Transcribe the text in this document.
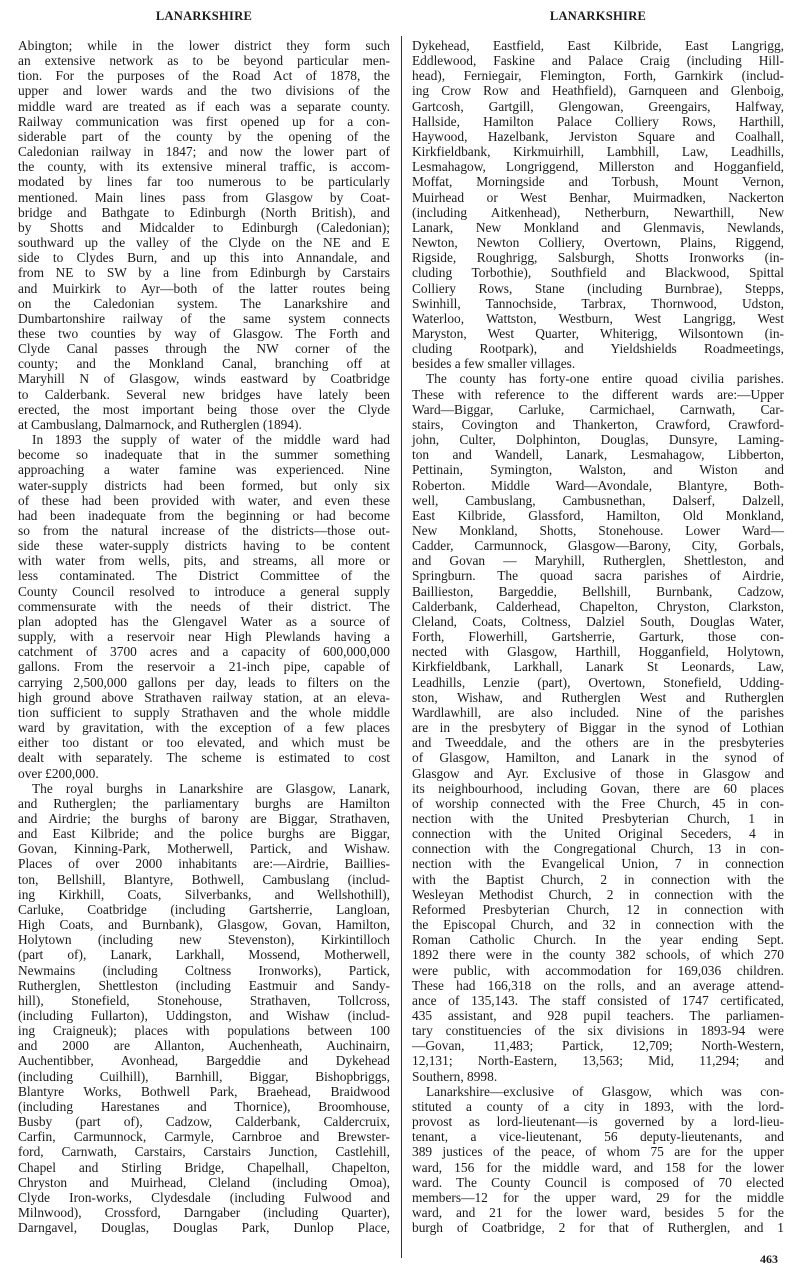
LANARKSHIRE	LANARKSHIRE
Abington; while in the lower district they form such
an extensive network as to be beyond particular men-
tion. For the purposes of the Road Act of 1878, the
upper and lower wards and the two divisions of the
middle ward are treated as if each was a separate county.
Railway communication was first opened up for a con-
siderable part of the county by the opening of the
Caledonian railway in 1847; and now the lower part of
the county, with its extensive mineral traffic, is accom-
modated by lines far too numerous to be particularly
mentioned. Main lines pass from Glasgow by Coat-
bridge and Bathgate to Edinburgh (North British), and
by Shotts and Midcalder to Edinburgh (Caledonian);
southward up the valley of the Clyde on the NE and E
side to Clydes Burn, and up this into Annandale, and
from NE to SW by a line from Edinburgh by Carstairs
and Muirkirk to Ayr—both of the latter routes being
on the Caledonian system. The Lanarkshire and
Dumbartonshire railway of the same system connects
these two counties by way of Glasgow. The Forth and
Clyde Canal passes through the NW corner of the
county; and the Monkland Canal, branching off at
Maryhill N of Glasgow, winds eastward by Coatbridge
to Calderbank. Several new bridges have lately been
erected, the most important being those over the Clyde
at Cambuslang, Dalmarnock, and Rutherglen (1894).
In 1893 the supply of water of the middle ward had
become so inadequate that in the summer something
approaching a water famine was experienced. Nine
water-supply districts had been formed, but only six
of these had been provided with water, and even these
had been inadequate from the beginning or had become
so from the natural increase of the districts—those out-
side these water-supply districts having to be content
with water from wells, pits, and streams, all more or
less contaminated. The District Committee of the
County Council resolved to introduce a general supply
commensurate with the needs of their district. The
plan adopted has the Glengavel Water as a source of
supply, with a reservoir near High Plewlands having a
catchment of 3700 acres and a capacity of 600,000,000
gallons. From the reservoir a 21-inch pipe, capable of
carrying 2,500,000 gallons per day, leads to filters on the
high ground above Strathaven railway station, at an eleva-
tion sufficient to supply Strathaven and the whole middle
ward by gravitation, with the exception of a few places
either too distant or too elevated, and which must be
dealt with separately. The scheme is estimated to cost
over £200,000.
The royal burghs in Lanarkshire are Glasgow, Lanark,
and Rutherglen; the parliamentary burghs are Hamilton
and Airdrie; the burghs of barony are Biggar, Strathaven,
and East Kilbride; and the police burghs are Biggar,
Govan, Kinning-Park, Motherwell, Partick, and Wishaw.
Places of over 2000 inhabitants are:—Airdrie, Baillies-
ton, Bellshill, Blantyre, Bothwell, Cambuslang (includ-
ing Kirkhill, Coats, Silverbanks, and Wellshothill),
Carluke, Coatbridge (including Gartsherrie, Langloan,
High Coats, and Burnbank), Glasgow, Govan, Hamilton,
Holytown (including new Stevenston), Kirkintilloch
(part of), Lanark, Larkhall, Mossend, Motherwell,
Newmains (including Coltness Ironworks), Partick,
Rutherglen, Shettleston (including Eastmuir and Sandy-
hill), Stonefield, Stonehouse, Strathaven, Tollcross,
(including Fullarton), Uddingston, and Wishaw (includ-
ing Craigneuk); places with populations between 100
and 2000 are Allanton, Auchenheath, Auchinairn,
Auchentibber, Avonhead, Bargeddie and Dykehead
(including Cuilhill), Barnhill, Biggar, Bishopbriggs,
Blantyre Works, Bothwell Park, Braehead, Braidwood
(including Harestanes and Thornice), Broomhouse,
Busby (part of), Cadzow, Calderbank, Caldercruix,
Carfin, Carmunnock, Carmyle, Carnbroe and Brewster-
ford, Carnwath, Carstairs, Carstairs Junction, Castlehill,
Chapel and Stirling Bridge, Chapelhall, Chapelton,
Chryston and Muirhead, Cleland (including Omoa),
Clyde Iron-works, Clydesdale (including Fulwood and
Milnwood), Crossford, Darngaber (including Quarter),
Darngavel, Douglas, Douglas Park, Dunlop Place,
Dykehead, Eastfield, East Kilbride, East Langrigg,
Eddlewood, Faskine and Palace Craig (including Hill-
head), Ferniegair, Flemington, Forth, Garnkirk (includ-
ing Crow Row and Heathfield), Garnqueen and Glenboig,
Gartcosh, Gartgill, Glengowan, Greengairs, Halfway,
Hallside, Hamilton Palace Colliery Rows, Harthill,
Haywood, Hazelbank, Jerviston Square and Coalhall,
Kirkfieldbank, Kirkmuirhill, Lambhill, Law, Leadhills,
Lesmahagow, Longriggend, Millerston and Hogganfield,
Moffat, Morningside and Torbush, Mount Vernon,
Muirhead or West Benhar, Muirmadken, Nackerton
(including Aitkenhead), Netherburn, Newarthill, New
Lanark, New Monkland and Glenmavis, Newlands,
Newton, Newton Colliery, Overtown, Plains, Riggend,
Rigside, Roughrigg, Salsburgh, Shotts Ironworks (in-
cluding Torbothie), Southfield and Blackwood, Spittal
Colliery Rows, Stane (including Burnbrae), Stepps,
Swinhill, Tannochside, Tarbrax, Thornwood, Udston,
Waterloo, Wattston, Westburn, West Langrigg, West
Maryston, West Quarter, Whiterigg, Wilsontown (in-
cluding Rootpark), and Yieldshields Roadmeetings,
besides a few smaller villages.
The county has forty-one entire quoad civilia parishes.
These with reference to the different wards are:—Upper
Ward—Biggar, Carluke, Carmichael, Carnwath, Car-
stairs, Covington and Thankerton, Crawford, Crawford-
john, Culter, Dolphinton, Douglas, Dunsyre, Laming-
ton and Wandell, Lanark, Lesmahagow, Libberton,
Pettinain, Symington, Walston, and Wiston and
Roberton. Middle Ward—Avondale, Blantyre, Both-
well, Cambuslang, Cambusnethan, Dalserf, Dalzell,
East Kilbride, Glassford, Hamilton, Old Monkland,
New Monkland, Shotts, Stonehouse. Lower Ward—
Cadder, Carmunnock, Glasgow—Barony, City, Gorbals,
and Govan — Maryhill, Rutherglen, Shettleston, and
Springburn. The quoad sacra parishes of Airdrie,
Baillieston, Bargeddie, Bellshill, Burnbank, Cadzow,
Calderbank, Calderhead, Chapelton, Chryston, Clarkston,
Cleland, Coats, Coltness, Dalziel South, Douglas Water,
Forth, Flowerhill, Gartsherrie, Garturk, those con-
nected with Glasgow, Harthill, Hogganfield, Holytown,
Kirkfieldbank, Larkhall, Lanark St Leonards, Law,
Leadhills, Lenzie (part), Overtown, Stonefield, Udding-
ston, Wishaw, and Rutherglen West and Rutherglen
Wardlawhill, are also included. Nine of the parishes
are in the presbytery of Biggar in the synod of Lothian
and Tweeddale, and the others are in the presbyteries
of Glasgow, Hamilton, and Lanark in the synod of
Glasgow and Ayr. Exclusive of those in Glasgow and
its neighbourhood, including Govan, there are 60 places
of worship connected with the Free Church, 45 in con-
nection with the United Presbyterian Church, 1 in
connection with the United Original Seceders, 4 in
connection with the Congregational Church, 13 in con-
nection with the Evangelical Union, 7 in connection
with the Baptist Church, 2 in connection with the
Wesleyan Methodist Church, 2 in connection with the
Reformed Presbyterian Church, 12 in connection with
the Episcopal Church, and 32 in connection with the
Roman Catholic Church. In the year ending Sept.
1892 there were in the county 382 schools, of which 270
were public, with accommodation for 169,036 children.
These had 166,318 on the rolls, and an average attend-
ance of 135,143. The staff consisted of 1747 certificated,
435 assistant, and 928 pupil teachers. The parliamen-
tary constituencies of the six divisions in 1893-94 were
—Govan, 11,483; Partick, 12,709; North-Western,
12,131; North-Eastern, 13,563; Mid, 11,294; and
Southern, 8998.
Lanarkshire—exclusive of Glasgow, which was con-
stituted a county of a city in 1893, with the lord-
provost as lord-lieutenant—is governed by a lord-lieu-
tenant, a vice-lieutenant, 56 deputy-lieutenants, and
389 justices of the peace, of whom 75 are for the upper
ward, 156 for the middle ward, and 158 for the lower
ward. The County Council is composed of 70 elected
members—12 for the upper ward, 29 for the middle
ward, and 21 for the lower ward, besides 5 for the
burgh of Coatbridge, 2 for that of Rutherglen, and 1
463
